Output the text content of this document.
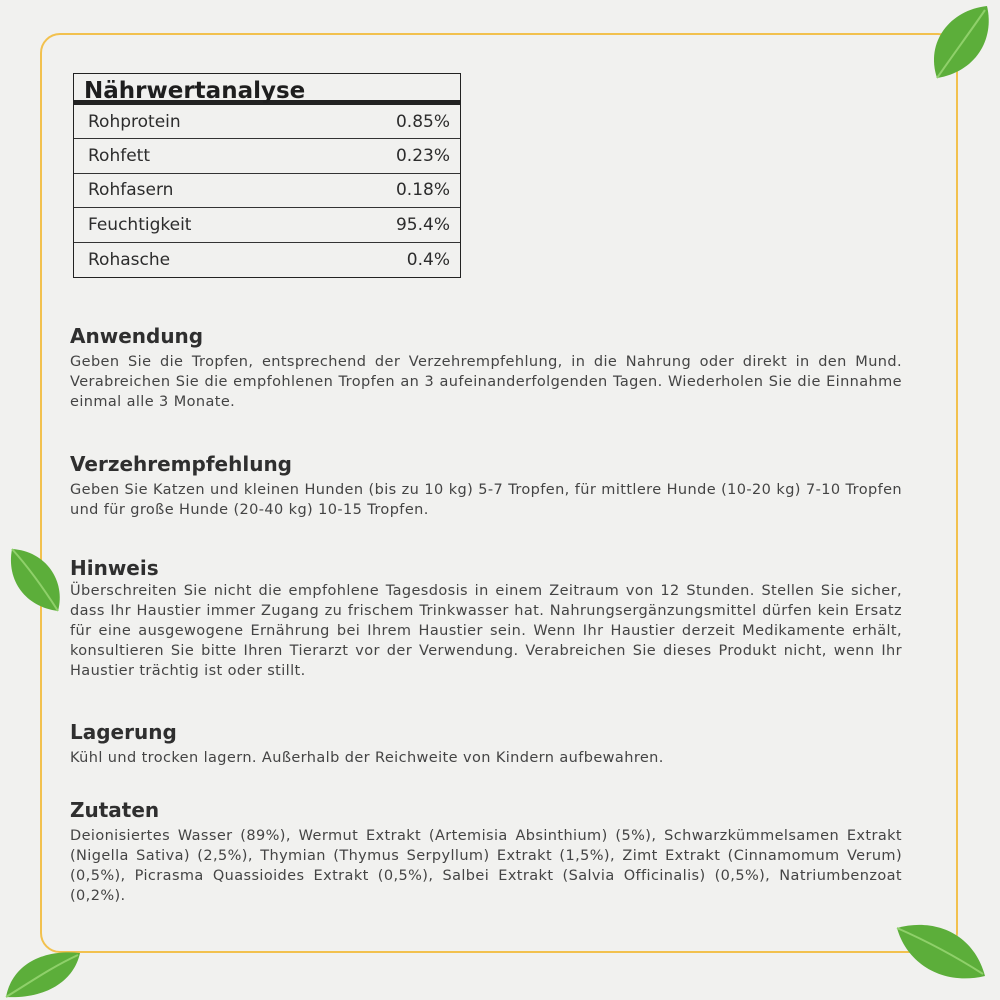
Nährwertanalyse
Rohprotein	0.85%
Rohfett	0.23%
Rohfasern	0.18%
Feuchtigkeit	95.4%
Rohasche	0.4%
Anwendung

Geben Sie die Tropfen, entsprechend der Verzehrempfehlung, in die Nahrung oder direkt in den Mund. Verabreichen Sie die empfohlenen Tropfen an 3 aufeinanderfolgenden Tagen. Wiederholen Sie die Einnahme einmal alle 3 Monate.

Verzehrempfehlung

Geben Sie Katzen und kleinen Hunden (bis zu 10 kg) 5-7 Tropfen, für mittlere Hunde (10-20 kg) 7-10 Tropfen und für große Hunde (20-40 kg) 10-15 Tropfen.

Hinweis

Überschreiten Sie nicht die empfohlene Tagesdosis in einem Zeitraum von 12 Stunden. Stellen Sie sicher, dass Ihr Haustier immer Zugang zu frischem Trinkwasser hat. Nahrungsergänzungsmittel dürfen kein Ersatz für eine ausgewogene Ernährung bei Ihrem Haustier sein. Wenn Ihr Haustier derzeit Medikamente erhält, konsultieren Sie bitte Ihren Tierarzt vor der Verwendung. Verabreichen Sie dieses Produkt nicht, wenn Ihr Haustier trächtig ist oder stillt.

Lagerung

Kühl und trocken lagern. Außerhalb der Reichweite von Kindern aufbewahren.

Zutaten

Deionisiertes Wasser (89%), Wermut Extrakt (Artemisia Absinthium) (5%), Schwarzkümmelsamen Extrakt (Nigella Sativa) (2,5%), Thymian (Thymus Serpyllum) Extrakt (1,5%), Zimt Extrakt (Cinnamomum Verum) (0,5%), Picrasma Quassioides Extrakt (0,5%), Salbei Extrakt (Salvia Officinalis) (0,5%), Natriumbenzoat (0,2%).
